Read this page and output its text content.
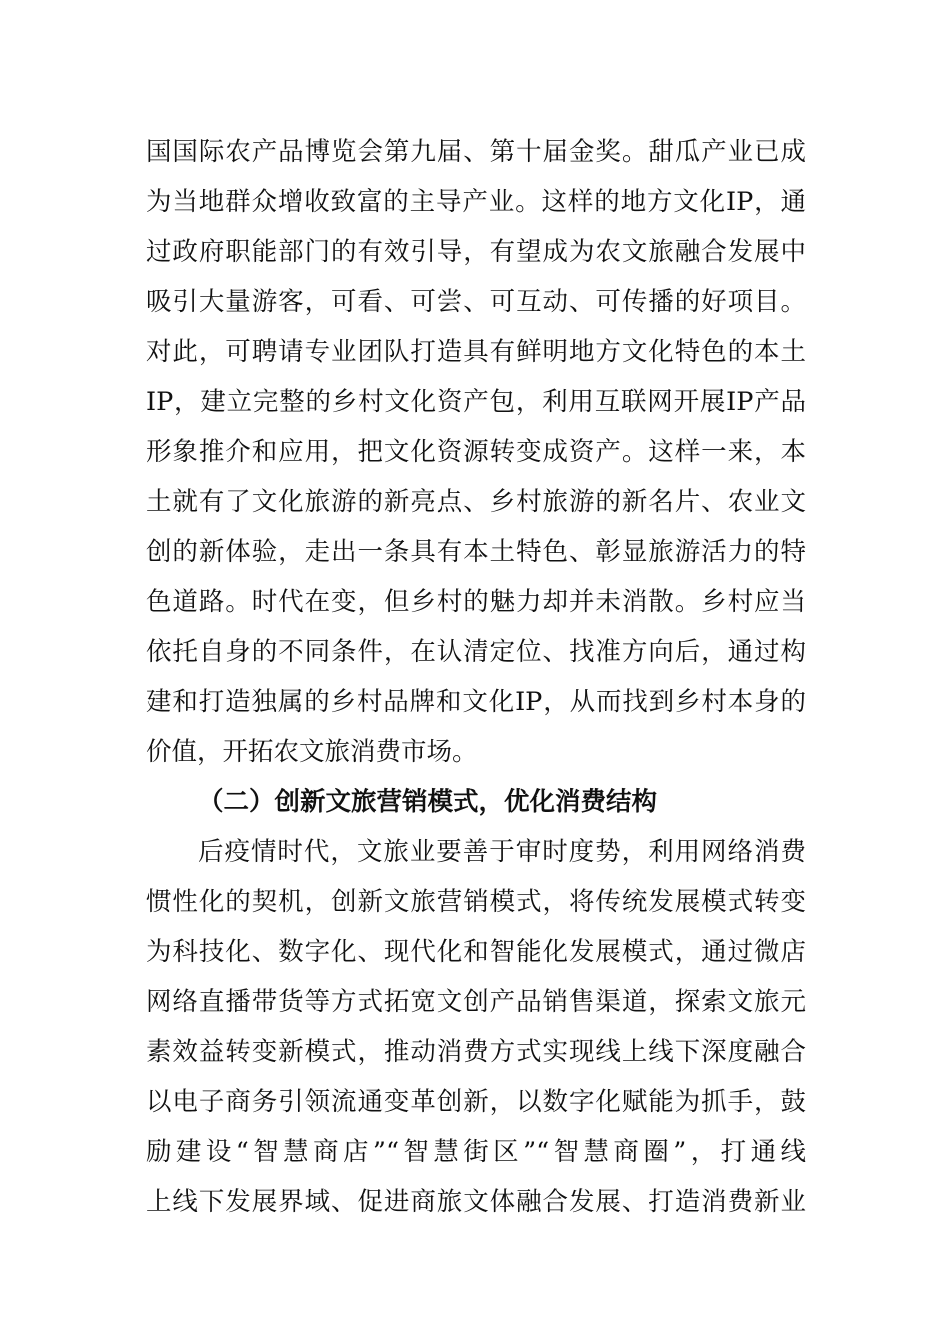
国国际农产品博览会第九届、第十届金奖。甜瓜产业已成
为当地群众增收致富的主导产业。这样的地方文化IP，通
过政府职能部门的有效引导，有望成为农文旅融合发展中
吸引大量游客，可看、可尝、可互动、可传播的好项目。
对此，可聘请专业团队打造具有鲜明地方文化特色的本土
IP，建立完整的乡村文化资产包，利用互联网开展IP产品
形象推介和应用，把文化资源转变成资产。这样一来，本
土就有了文化旅游的新亮点、乡村旅游的新名片、农业文
创的新体验，走出一条具有本土特色、彰显旅游活力的特
色道路。时代在变，但乡村的魅力却并未消散。乡村应当
依托自身的不同条件，在认清定位、找准方向后，通过构
建和打造独属的乡村品牌和文化IP，从而找到乡村本身的
价值，开拓农文旅消费市场。
（二）创新文旅营销模式，优化消费结构
后疫情时代，文旅业要善于审时度势，利用网络消费
惯性化的契机，创新文旅营销模式，将传统发展模式转变
为科技化、数字化、现代化和智能化发展模式，通过微店
网络直播带货等方式拓宽文创产品销售渠道，探索文旅元
素效益转变新模式，推动消费方式实现线上线下深度融合
以电子商务引领流通变革创新，以数字化赋能为抓手，鼓
励建设“智慧商店”“智慧街区”“智慧商圈”，打通线
上线下发展界域、促进商旅文体融合发展、打造消费新业
